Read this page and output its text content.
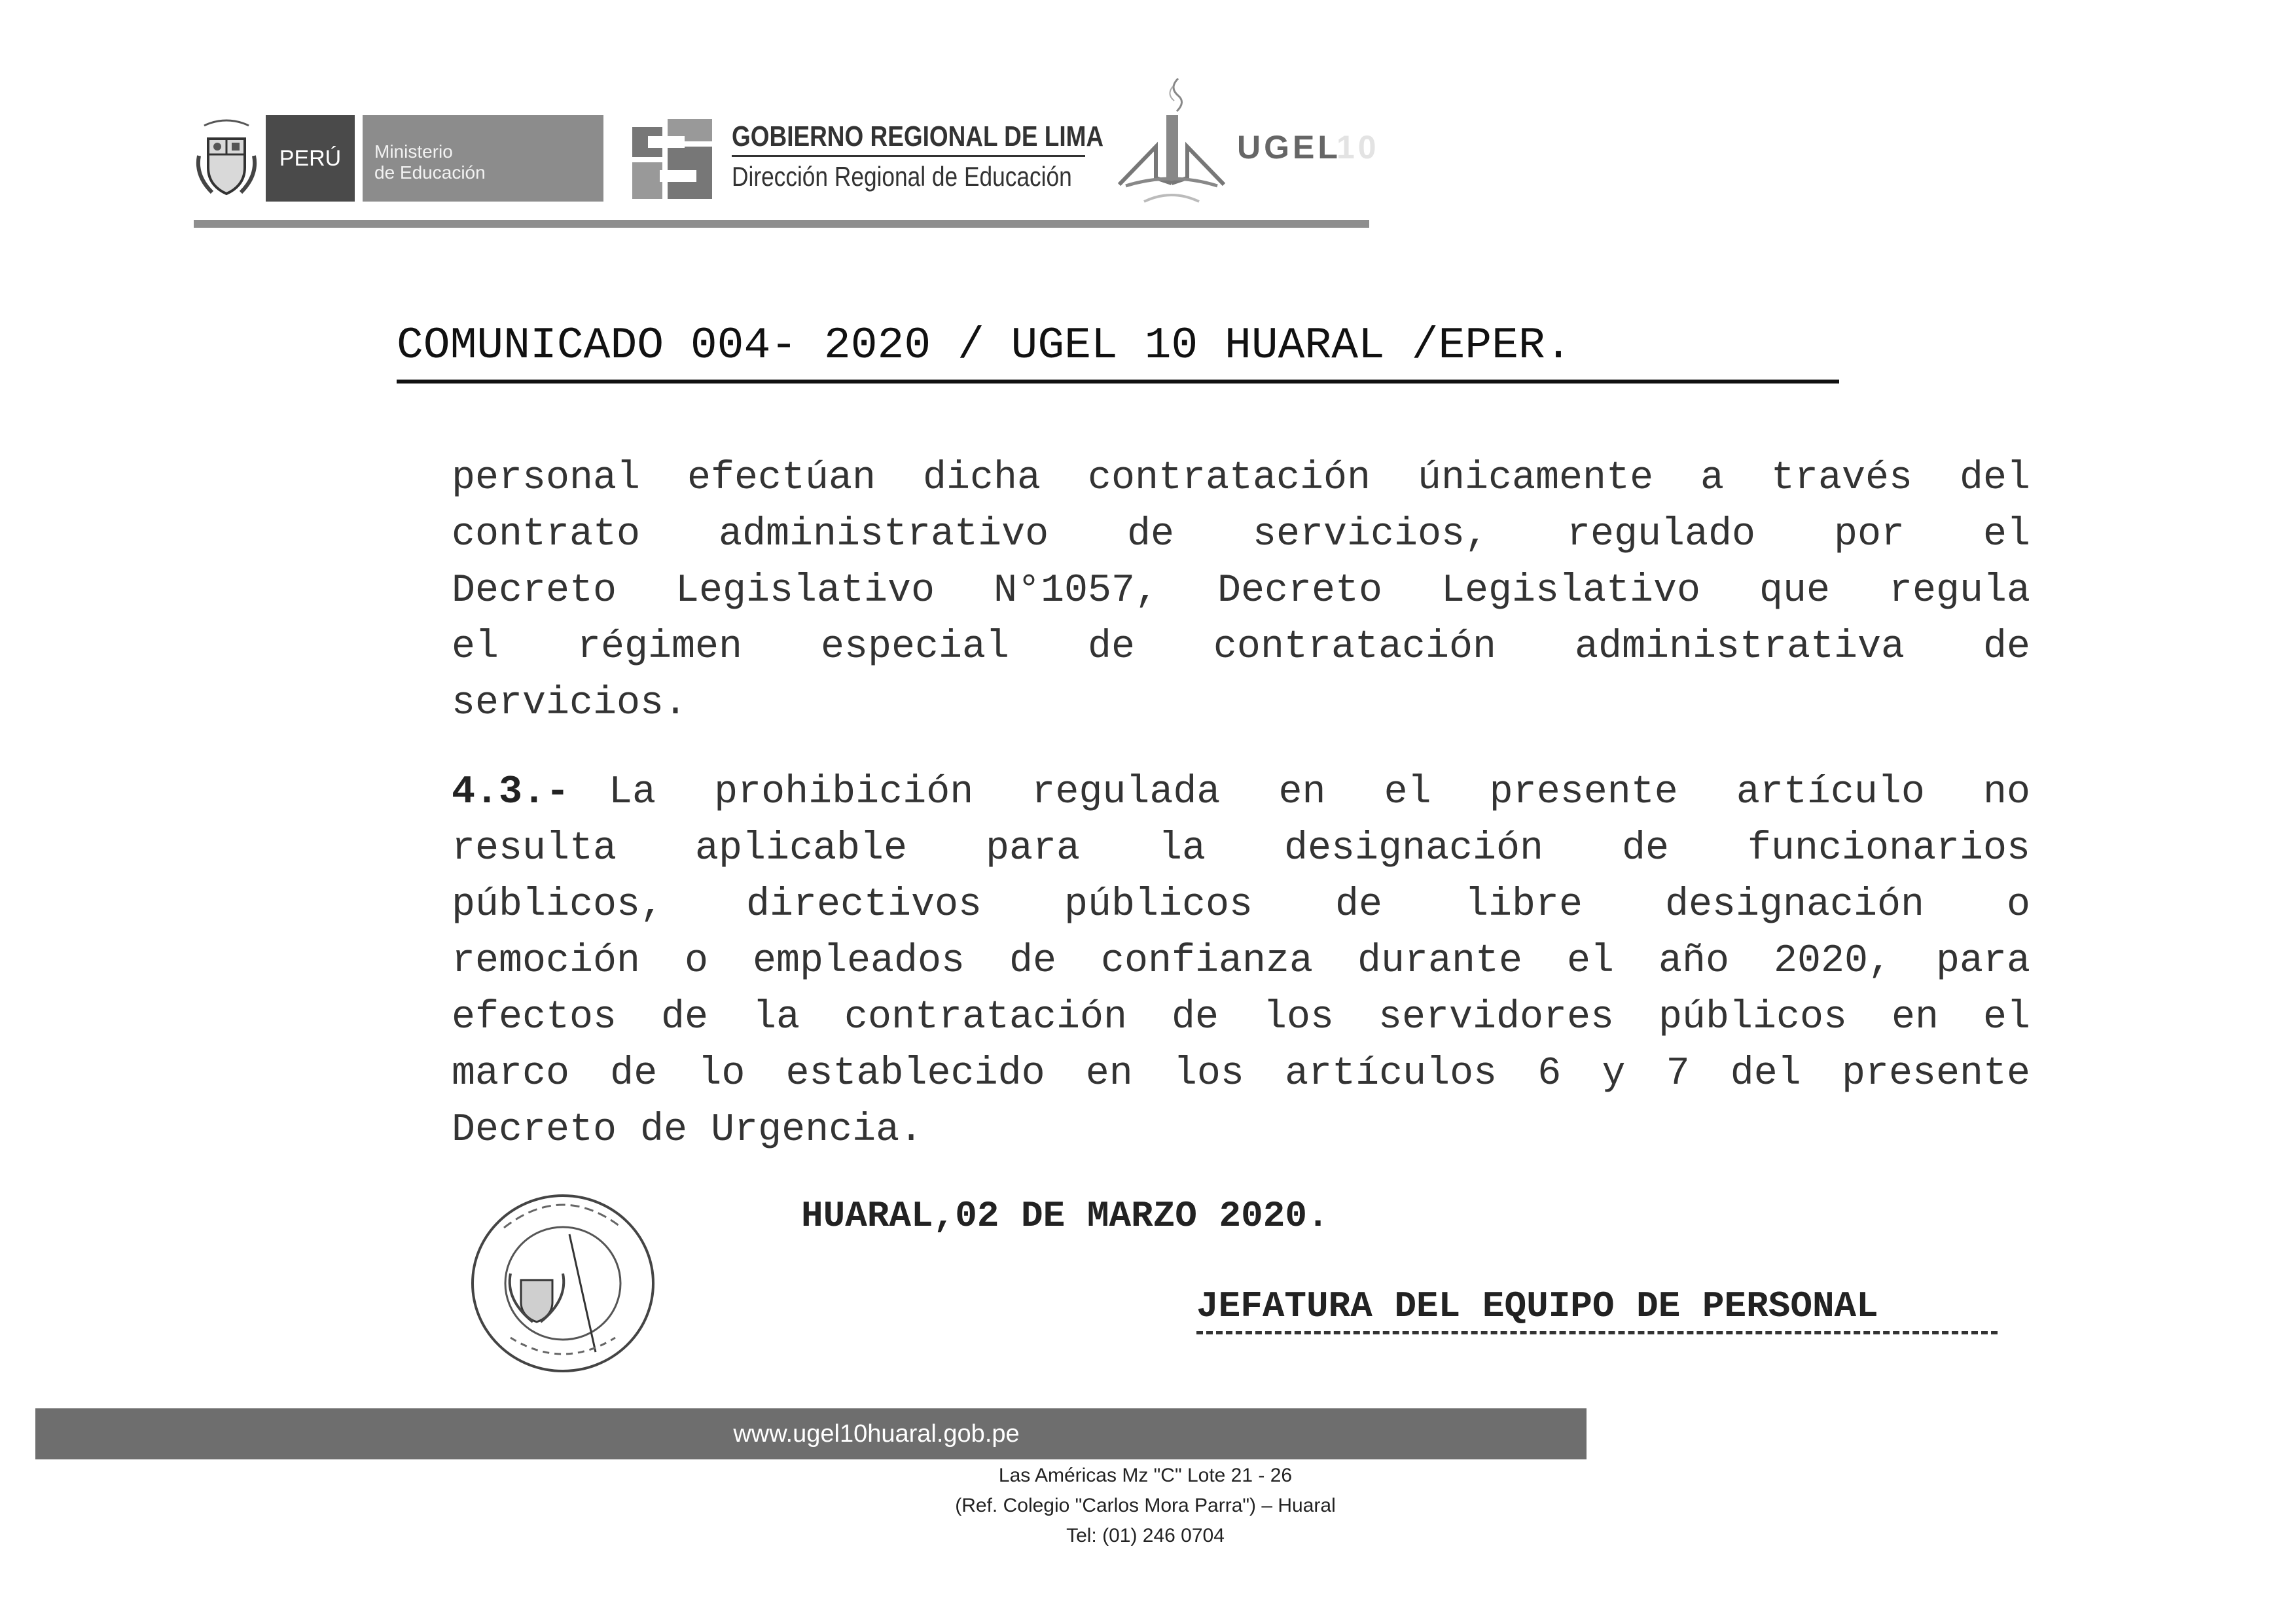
PERÚ	Ministerio
de Educación
GOBIERNO REGIONAL DE LIMA
Dirección Regional de Educación
UGEL
10
COMUNICADO 004- 2020 / UGEL 10 HUARAL /EPER.
personal efectúan dicha contratación únicamente a través del
contrato administrativo de servicios, regulado por el
Decreto Legislativo N°1057, Decreto Legislativo que regula
el régimen especial de contratación administrativa de
servicios.
4.3.- La prohibición regulada en el presente artículo no
resulta aplicable para la designación de funcionarios
públicos, directivos públicos de libre designación o
remoción o empleados de confianza durante el año 2020, para
efectos de la contratación de los servidores públicos en el
marco de lo establecido en los artículos 6 y 7 del presente
Decreto de Urgencia.
HUARAL,02 DE MARZO 2020.
JEFATURA DEL EQUIPO DE PERSONAL
www.ugel10huaral.gob.pe
Las Américas Mz "C" Lote 21 - 26
(Ref. Colegio "Carlos Mora Parra") – Huaral
Tel: (01) 246 0704
